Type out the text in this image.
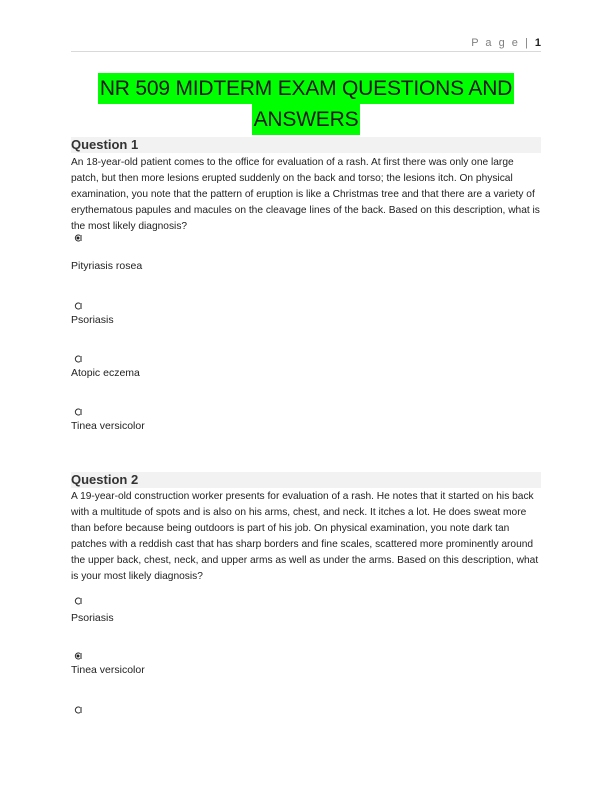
P a g e | 1
NR 509 MIDTERM EXAM QUESTIONS AND
ANSWERS
Question 1
An 18-year-old patient comes to the office for evaluation of a rash. At first there was only one large patch, but then more lesions erupted suddenly on the back and torso; the lesions itch. On physical examination, you note that the pattern of eruption is like a Christmas tree and that there are a variety of erythematous papules and macules on the cleavage lines of the back. Based on this description, what is the most likely diagnosis?
Pityriasis rosea
Psoriasis
Atopic eczema
Tinea versicolor
Question 2
A 19-year-old construction worker presents for evaluation of a rash. He notes that it started on his back with a multitude of spots and is also on his arms, chest, and neck. It itches a lot. He does sweat more than before because being outdoors is part of his job. On physical examination, you note dark tan patches with a reddish cast that has sharp borders and fine scales, scattered more prominently around the upper back, chest, neck, and upper arms as well as under the arms. Based on this description, what is your most likely diagnosis?
Psoriasis
Tinea versicolor
